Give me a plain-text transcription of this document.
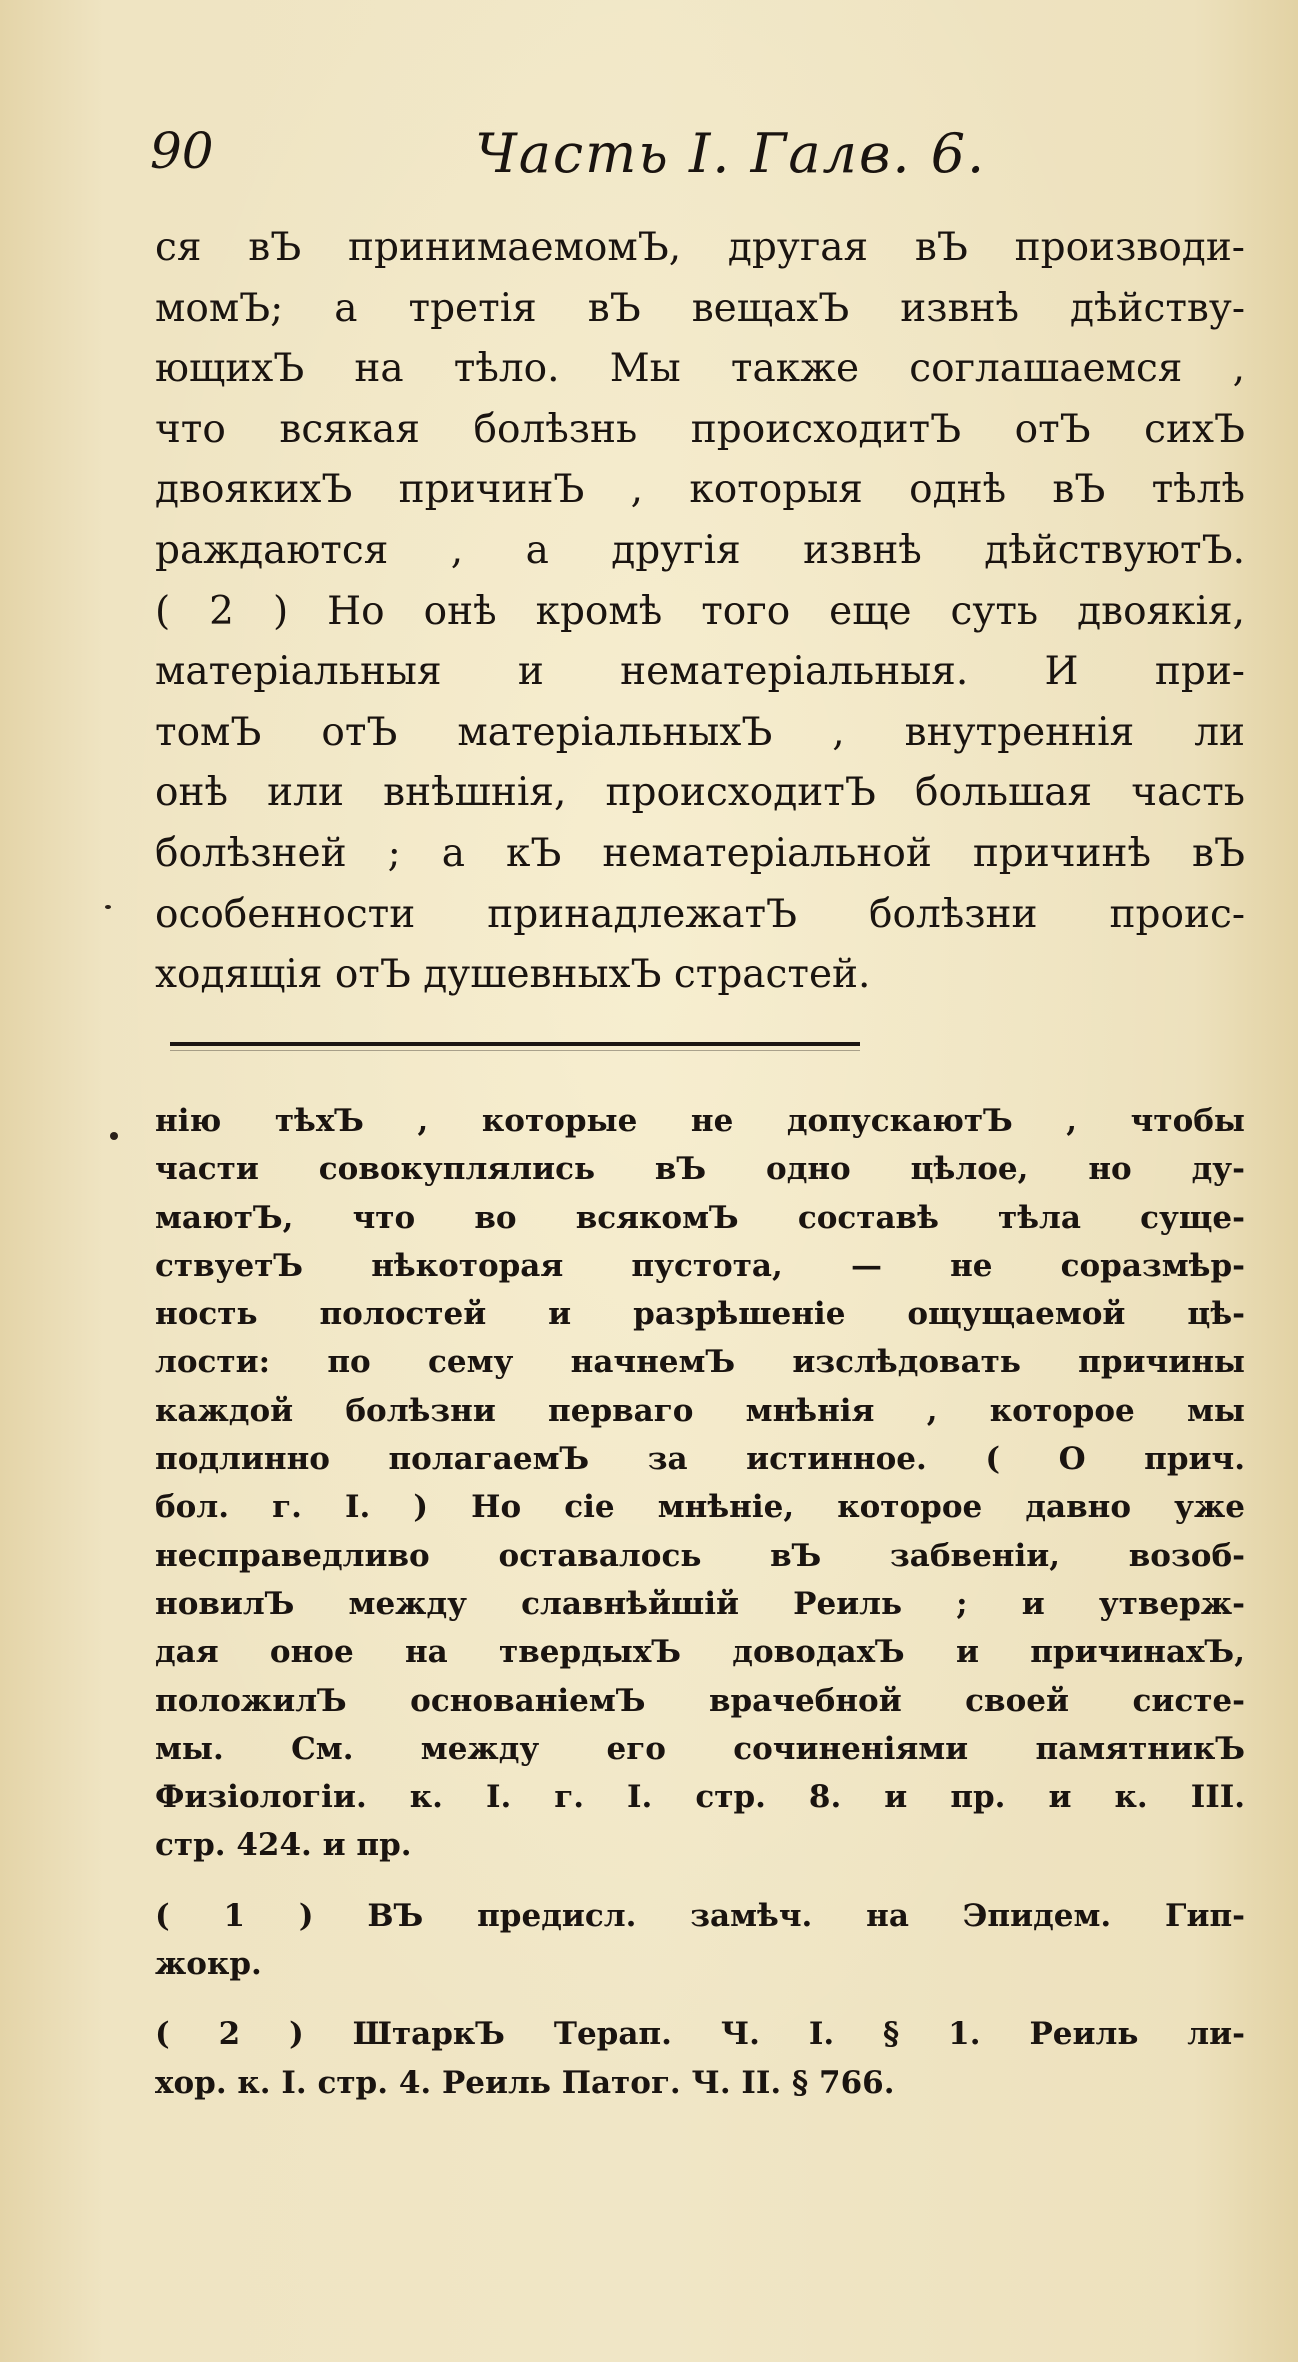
90	Часть I. Галв. 6.
ся вЪ принимаемомЪ, другая вЪ производи-
момЪ; а третія вЪ вещахЪ извнѣ дѣйству-
ющихЪ на тѣло. Мы также соглашаемся ,
что всякая болѣзнь происходитЪ отЪ сихЪ
двоякихЪ причинЪ , которыя однѣ вЪ тѣлѣ
раждаются , а другія извнѣ дѣйствуютЪ.
( 2 ) Но онѣ кромѣ того еще суть двоякія,
матеріальныя и нематеріальныя. И при-
томЪ отЪ матеріальныхЪ , внутреннія ли
онѣ или внѣшнія, происходитЪ большая часть
болѣзней ; а кЪ нематеріальной причинѣ вЪ
особенности принадлежатЪ болѣзни проис-
ходящія отЪ душевныхЪ страстей.
нію тѣхЪ , которые не допускаютЪ , чтобы
части совокуплялись вЪ одно цѣлое, но ду-
маютЪ, что во всякомЪ составѣ тѣла суще-
ствуетЪ нѣкоторая пустота, — не соразмѣр-
ность полостей и разрѣшеніе ощущаемой цѣ-
лости: по сему начнемЪ изслѣдовать причины
каждой болѣзни перваго мнѣнія , которое мы
подлинно полагаемЪ за истинное. ( О прич.
бол. г. I. ) Но сіе мнѣніе, которое давно уже
несправедливо оставалось вЪ забвеніи, возоб-
новилЪ между славнѣйшій Реиль ; и утверж-
дая оное на твердыхЪ доводахЪ и причинахЪ,
положилЪ основаніемЪ врачебной своей систе-
мы. См. между его сочиненіями памятникЪ
Физіологіи. к. I. г. I. стр. 8. и пр. и к. III.
стр. 424. и пр.
( 1 ) ВЪ предисл. замѣч. на Эпидем. Гип-
жокр.
( 2 ) ШтаркЪ Терап. Ч. I. § 1. Реиль ли-
хор. к. I. стр. 4. Реиль Патог. Ч. II. § 766.
